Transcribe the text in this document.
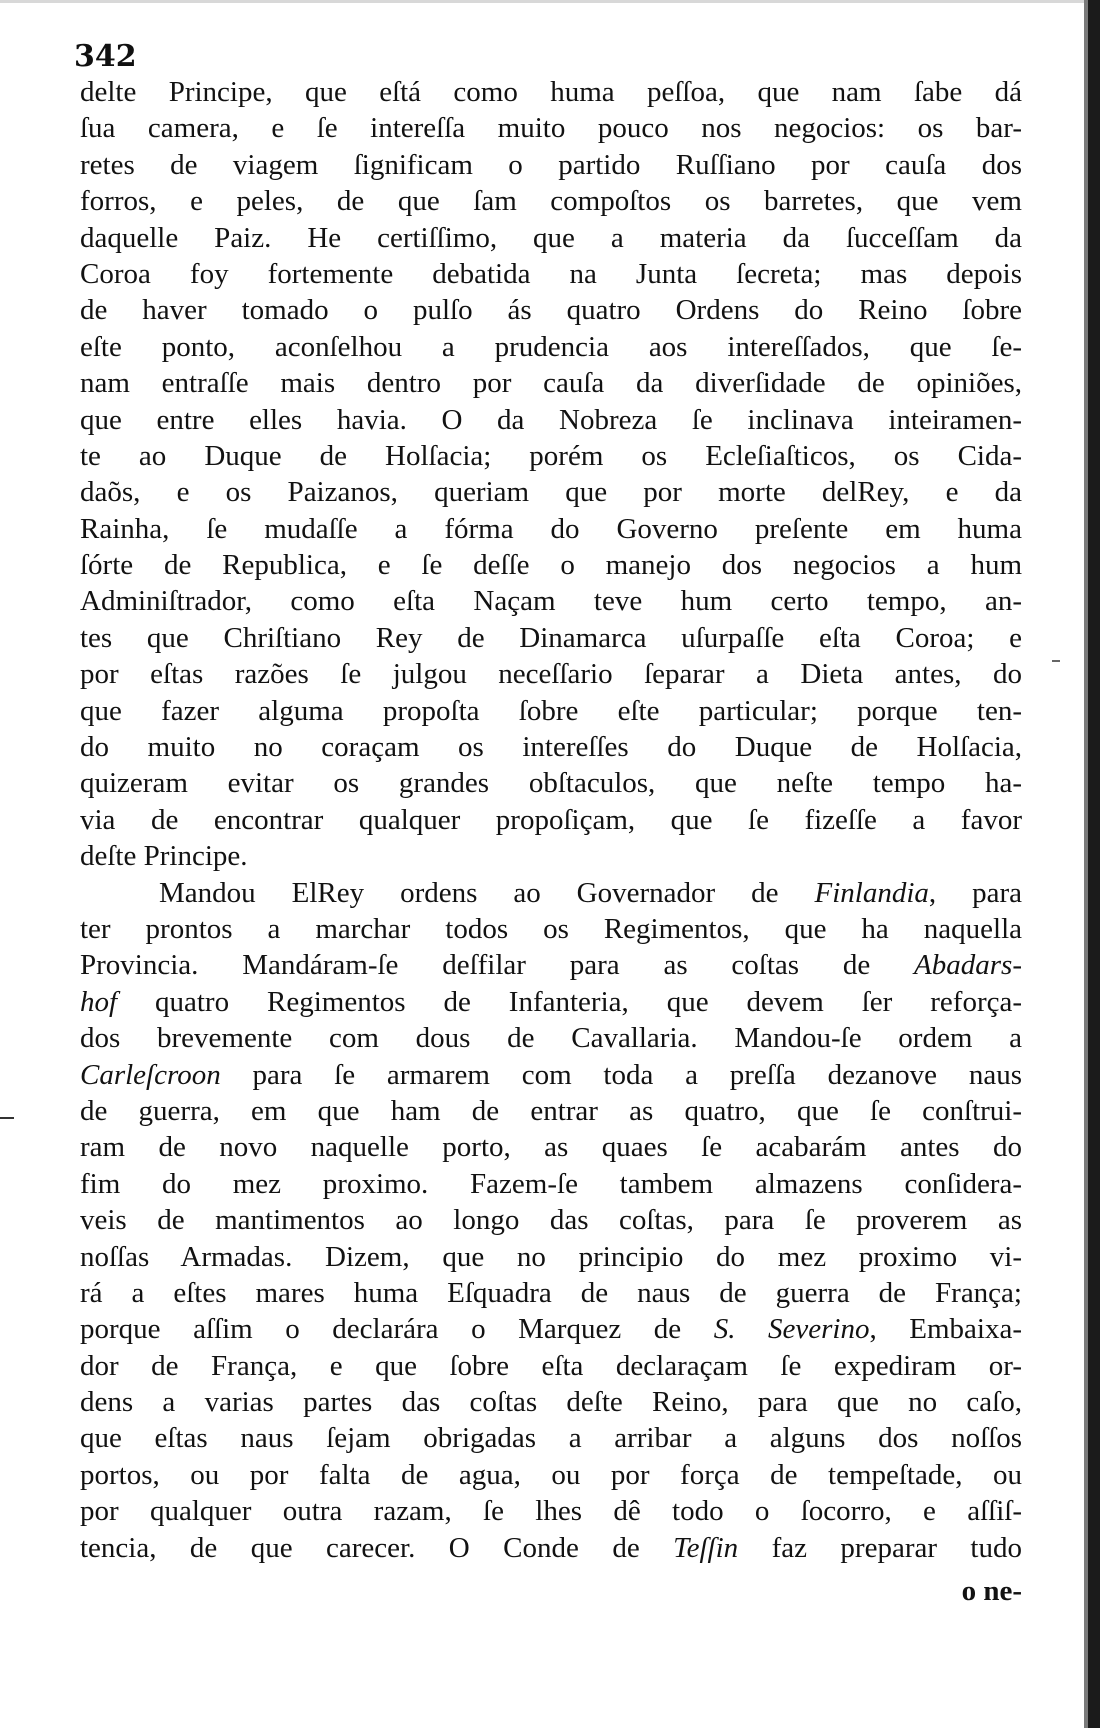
342
delte Principe, que eſtá como huma peſſoa, que nam ſabe dá
ſua camera, e ſe intereſſa muito pouco nos negocios: os bar-
retes de viagem ſignificam o partido Ruſſiano por cauſa dos
forros, e peles, de que ſam compoſtos os barretes, que vem
daquelle Paiz. He certiſſimo, que a materia da ſucceſſam da
Coroa foy fortemente debatida na Junta ſecreta; mas depois
de haver tomado o pulſo ás quatro Ordens do Reino ſobre
eſte ponto, aconſelhou a prudencia aos intereſſados, que ſe-
nam entraſſe mais dentro por cauſa da diverſidade de opiniões,
que entre elles havia. O da Nobreza ſe inclinava inteiramen-
te ao Duque de Holſacia; porém os Ecleſiaſticos, os Cida-
daõs, e os Paizanos, queriam que por morte delRey, e da
Rainha, ſe mudaſſe a fórma do Governo preſente em huma
ſórte de Republica, e ſe deſſe o manejo dos negocios a hum
Adminiſtrador, como eſta Naçam teve hum certo tempo, an-
tes que Chriſtiano Rey de Dinamarca uſurpaſſe eſta Coroa; e
por eſtas razões ſe julgou neceſſario ſeparar a Dieta antes, do
que fazer alguma propoſta ſobre eſte particular; porque ten-
do muito no coraçam os intereſſes do Duque de Holſacia,
quizeram evitar os grandes obſtaculos, que neſte tempo ha-
via de encontrar qualquer propoſiçam, que ſe fizeſſe a favor
deſte Principe.
Mandou ElRey ordens ao Governador de Finlandia, para
ter prontos a marchar todos os Regimentos, que ha naquella
Provincia. Mandáram-ſe deſfilar para as coſtas de Abadars-
hof quatro Regimentos de Infanteria, que devem ſer reforça-
dos brevemente com dous de Cavallaria. Mandou-ſe ordem a
Carleſcroon para ſe armarem com toda a preſſa dezanove naus
de guerra, em que ham de entrar as quatro, que ſe conſtrui-
ram de novo naquelle porto, as quaes ſe acabarám antes do
fim do mez proximo. Fazem-ſe tambem almazens conſidera-
veis de mantimentos ao longo das coſtas, para ſe proverem as
noſſas Armadas. Dizem, que no principio do mez proximo vi-
rá a eſtes mares huma Eſquadra de naus de guerra de França;
porque aſſim o declarára o Marquez de S. Severino, Embaixa-
dor de França, e que ſobre eſta declaraçam ſe expediram or-
dens a varias partes das coſtas deſte Reino, para que no caſo,
que eſtas naus ſejam obrigadas a arribar a alguns dos noſſos
portos, ou por falta de agua, ou por força de tempeſtade, ou
por qualquer outra razam, ſe lhes dê todo o ſocorro, e aſſiſ-
tencia, de que carecer. O Conde de Teſſin faz preparar tudo
o ne-
